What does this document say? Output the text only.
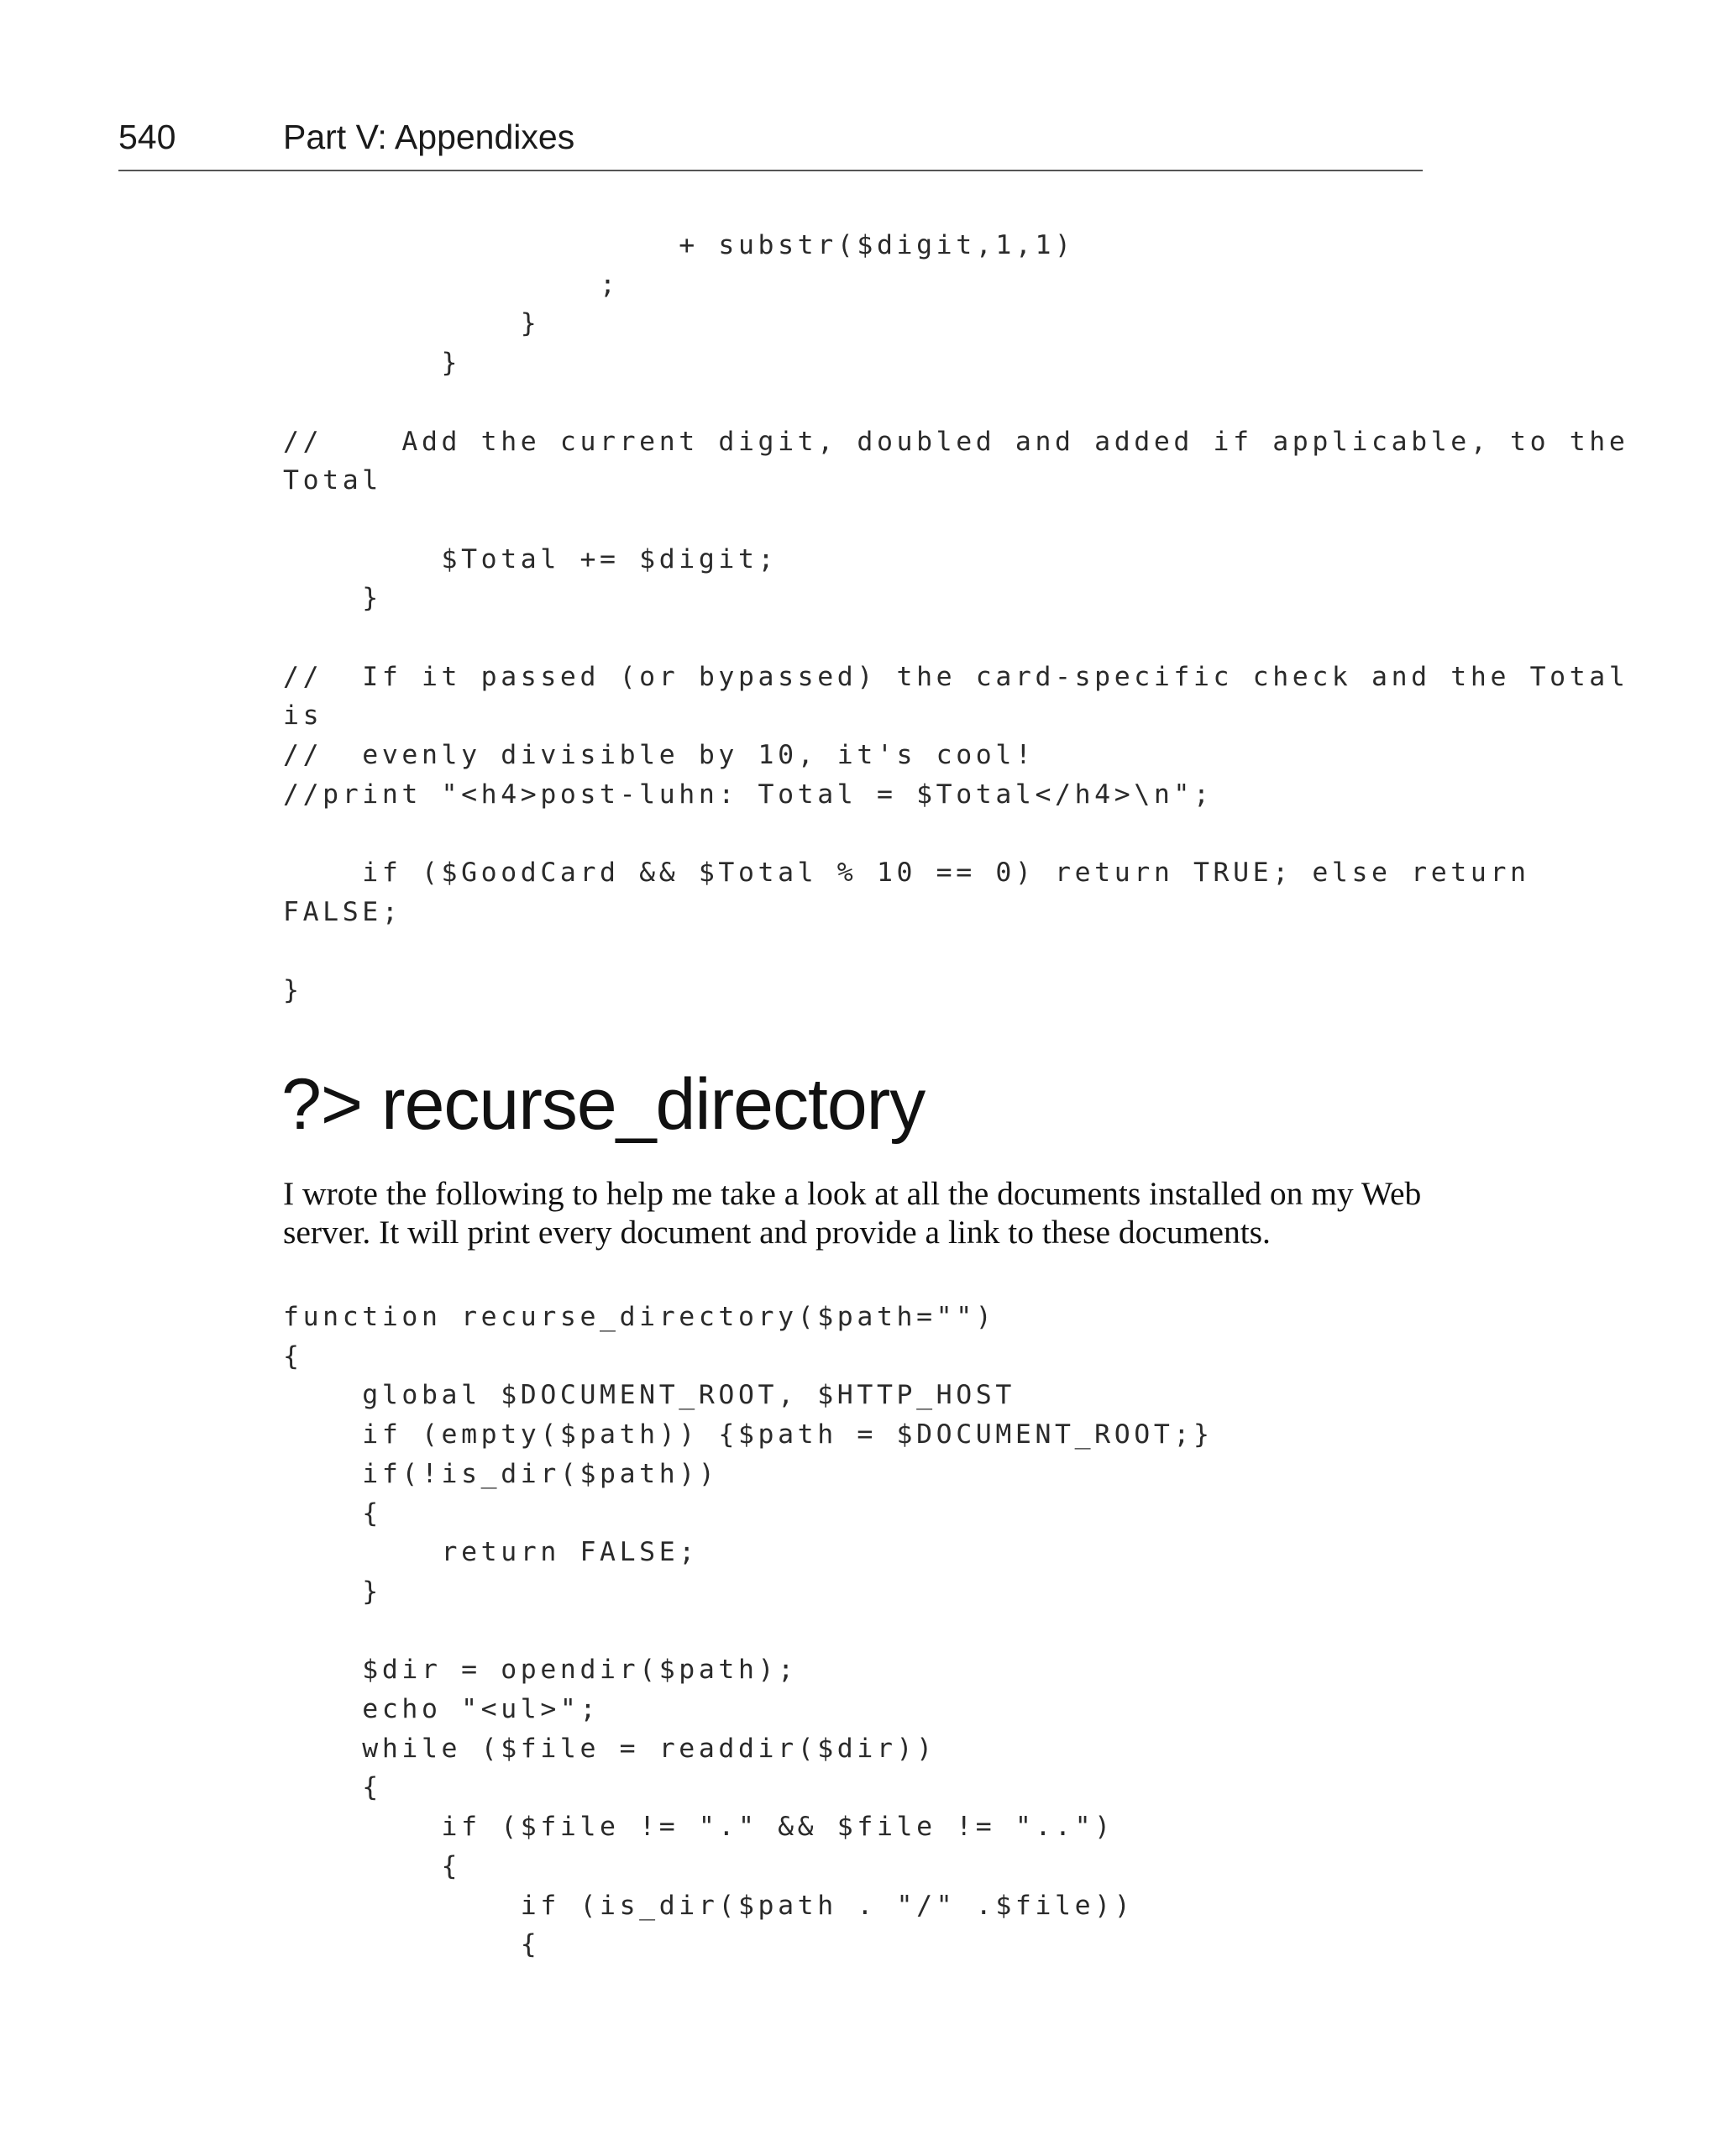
540	Part V: Appendixes
+ substr($digit,1,1)
;
}
}

//    Add the current digit, doubled and added if applicable, to the
Total

$Total += $digit;
}

//  If it passed (or bypassed) the card-specific check and the Total
is
//  evenly divisible by 10, it's cool!
//print "<h4>post-luhn: Total = $Total</h4>\n";

if ($GoodCard && $Total % 10 == 0) return TRUE; else return
FALSE;

}
?> recurse_directory

I wrote the following to help me take a look at all the documents installed on my Web server. It will print every document and provide a link to these documents.

function recurse_directory($path="")
{
global $DOCUMENT_ROOT, $HTTP_HOST
if (empty($path)) {$path = $DOCUMENT_ROOT;}
if(!is_dir($path))
{
return FALSE;
}

$dir = opendir($path);
echo "<ul>";
while ($file = readdir($dir))
{
if ($file != "." && $file != "..")
{
if (is_dir($path . "/" .$file))
{
